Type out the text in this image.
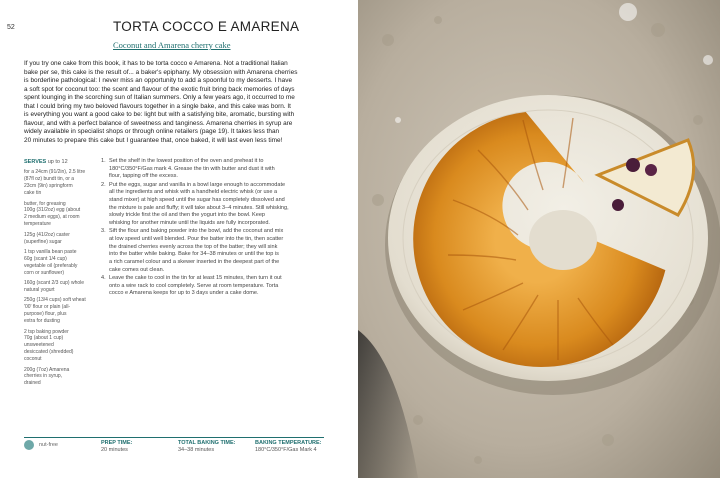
52	TORTA COCCO E AMARENA
Coconut and Amarena cherry cake
If you try one cake from this book, it has to be torta cocco e Amarena. Not a traditional Italian
bake per se, this cake is the result of... a baker's epiphany. My obsession with Amarena cherries
is borderline pathological: I never miss an opportunity to add a spoonful to my desserts. I have
a soft spot for coconut too: the scent and flavour of the exotic fruit bring back memories of days
spent lounging in the scorching sun of Italian summers. Only a few years ago, it occurred to me
that I could bring my two beloved flavours together in a single bake, and this cake was born. It
is everything you want a good cake to be: light but with a satisfying bite, aromatic, bursting with
flavour, and with a perfect balance of sweetness and tanginess. Amarena cherries in syrup are
widely available in specialist shops or through online retailers (page 19). It takes less than
20 minutes to prepare this cake but I guarantee that, once baked, it will last even less time!
SERVES up to 12
for a 24cm (91/2in), 2.5 litre
(87fl oz) bundt tin, or a
23cm (9in) springform
cake tin
butter, for greasing
100g (31/2oz) egg (about
2 medium eggs), at room
temperature
125g (41/2oz) caster
(superfine) sugar
1 tsp vanilla bean paste
60g (scant 1/4 cup)
vegetable oil (preferably
corn or sunflower)
160g (scant 2/3 cup) whole
natural yogurt
250g (13/4 cups) soft wheat
'00' flour or plain (all-
purpose) flour, plus
extra for dusting
2 tsp baking powder
70g (about 1 cup)
unsweetened
desiccated (shredded)
coconut
200g (7oz) Amarena
cherries in syrup,
drained
1. Set the shelf in the lowest position of the oven and preheat it to
180°C/350°F/Gas mark 4. Grease the tin with butter and dust it with
flour, tapping off the excess.
2. Put the eggs, sugar and vanilla in a bowl large enough to accommodate
all the ingredients and whisk with a handheld electric whisk (or use a
stand mixer) at high speed until the sugar has completely dissolved and
the mixture is pale and fluffy; it will take about 3–4 minutes. Still whisking,
slowly trickle first the oil and then the yogurt into the bowl. Keep
whisking for another minute until the liquids are fully incorporated.
3. Sift the flour and baking powder into the bowl, add the coconut and mix
at low speed until well blended. Pour the batter into the tin, then scatter
the drained cherries evenly across the top of the batter; they will sink
into the batter while baking. Bake for 34–38 minutes or until the top is
a rich caramel colour and a skewer inserted in the deepest part of the
cake comes out clean.
4. Leave the cake to cool in the tin for at least 15 minutes, then turn it out
onto a wire rack to cool completely. Serve at room temperature. Torta
cocco e Amarena keeps for up to 3 days under a cake dome.
nut-free	PREP TIME:
20 minutes
TOTAL BAKING TIME:
34–38 minutes
BAKING TEMPERATURE:
180°C/350°F/Gas Mark 4
